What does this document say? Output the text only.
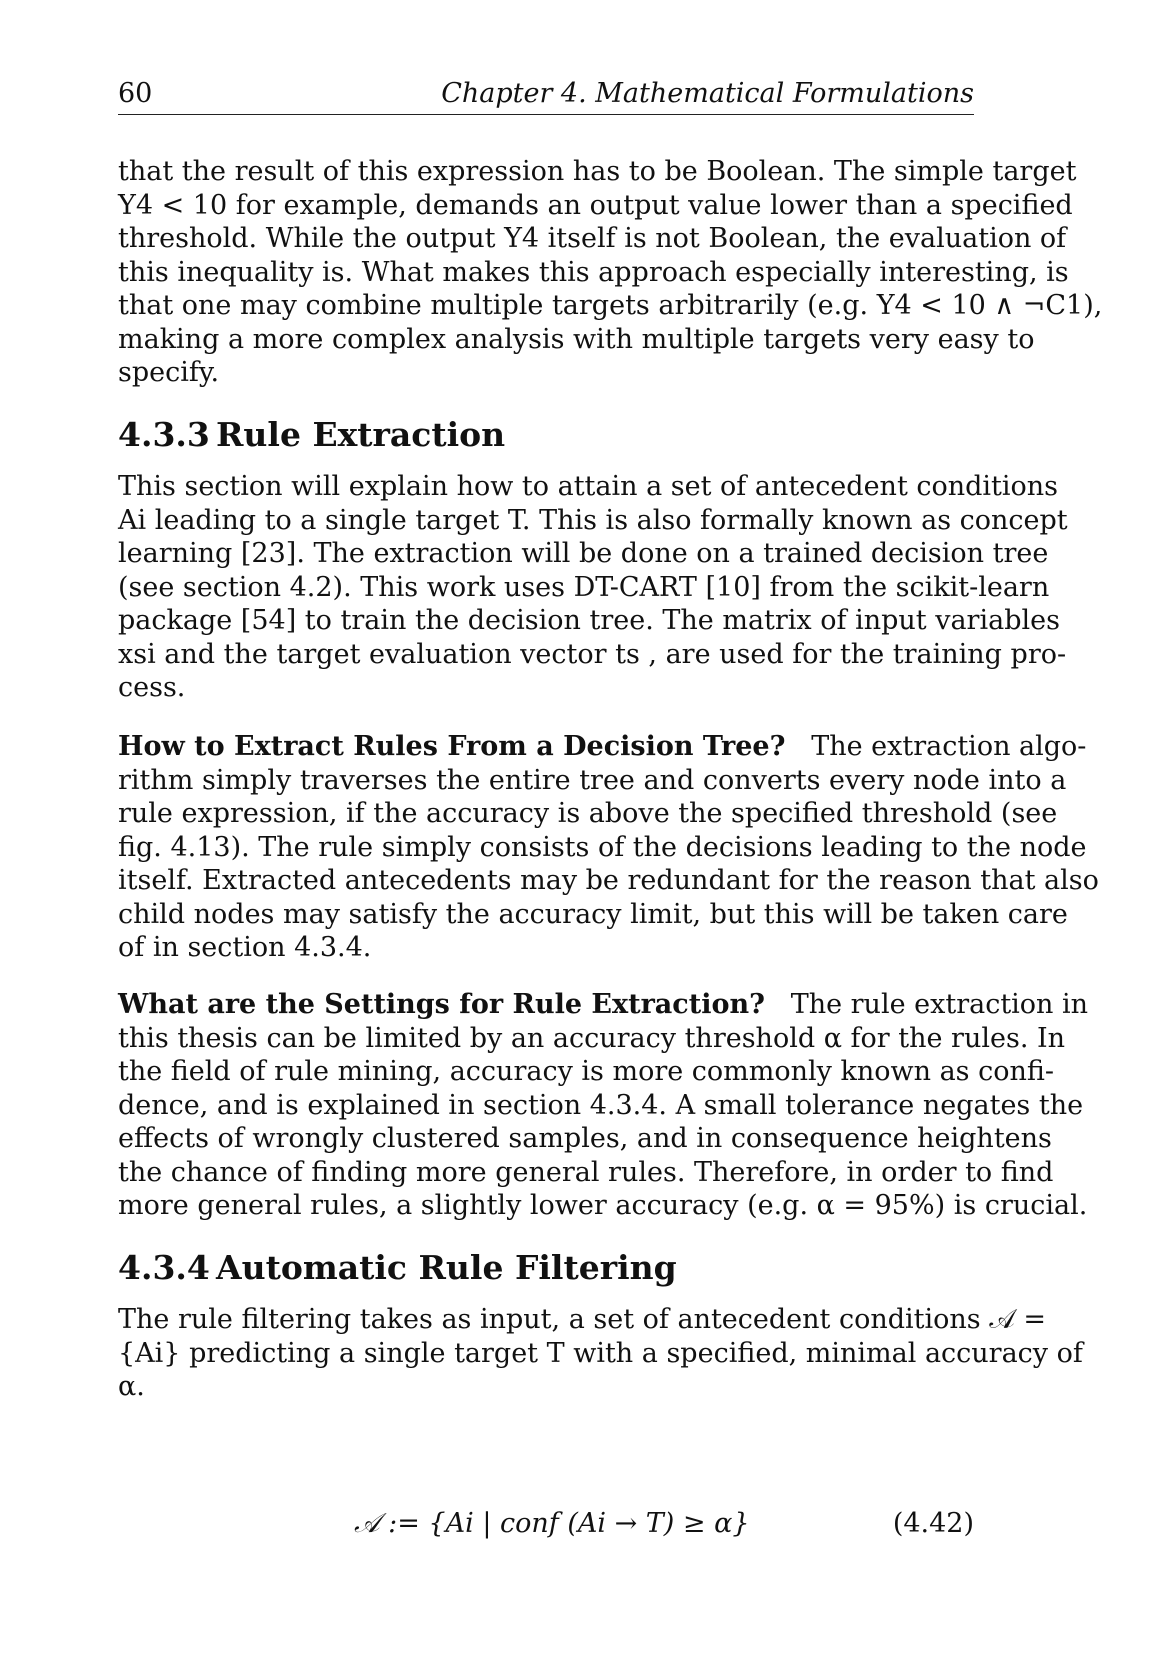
60	Chapter 4. Mathematical Formulations
that the result of this expression has to be Boolean. The simple target
Y4 < 10 for example, demands an output value lower than a specified
threshold. While the output Y4 itself is not Boolean, the evaluation of
this inequality is. What makes this approach especially interesting, is
that one may combine multiple targets arbitrarily (e.g. Y4 < 10 ∧ ¬C1),
making a more complex analysis with multiple targets very easy to
specify.
4.3.3 Rule Extraction
This section will explain how to attain a set of antecedent conditions
Ai leading to a single target T. This is also formally known as concept
learning [23]. The extraction will be done on a trained decision tree
(see section 4.2). This work uses DT-CART [10] from the scikit-learn
package [54] to train the decision tree. The matrix of input variables
xsi and the target evaluation vector ts , are used for the training pro-
cess.
How to Extract Rules From a Decision Tree? The extraction algo-
rithm simply traverses the entire tree and converts every node into a
rule expression, if the accuracy is above the specified threshold (see
fig. 4.13). The rule simply consists of the decisions leading to the node
itself. Extracted antecedents may be redundant for the reason that also
child nodes may satisfy the accuracy limit, but this will be taken care
of in section 4.3.4.
What are the Settings for Rule Extraction? The rule extraction in
this thesis can be limited by an accuracy threshold α for the rules. In
the field of rule mining, accuracy is more commonly known as confi-
dence, and is explained in section 4.3.4. A small tolerance negates the
effects of wrongly clustered samples, and in consequence heightens
the chance of finding more general rules. Therefore, in order to find
more general rules, a slightly lower accuracy (e.g. α = 95%) is crucial.
4.3.4 Automatic Rule Filtering
The rule filtering takes as input, a set of antecedent conditions 𝒜 =
{Ai} predicting a single target T with a specified, minimal accuracy of
α.
𝒜 := {Ai | conf (Ai → T) ≥ α}	(4.42)
